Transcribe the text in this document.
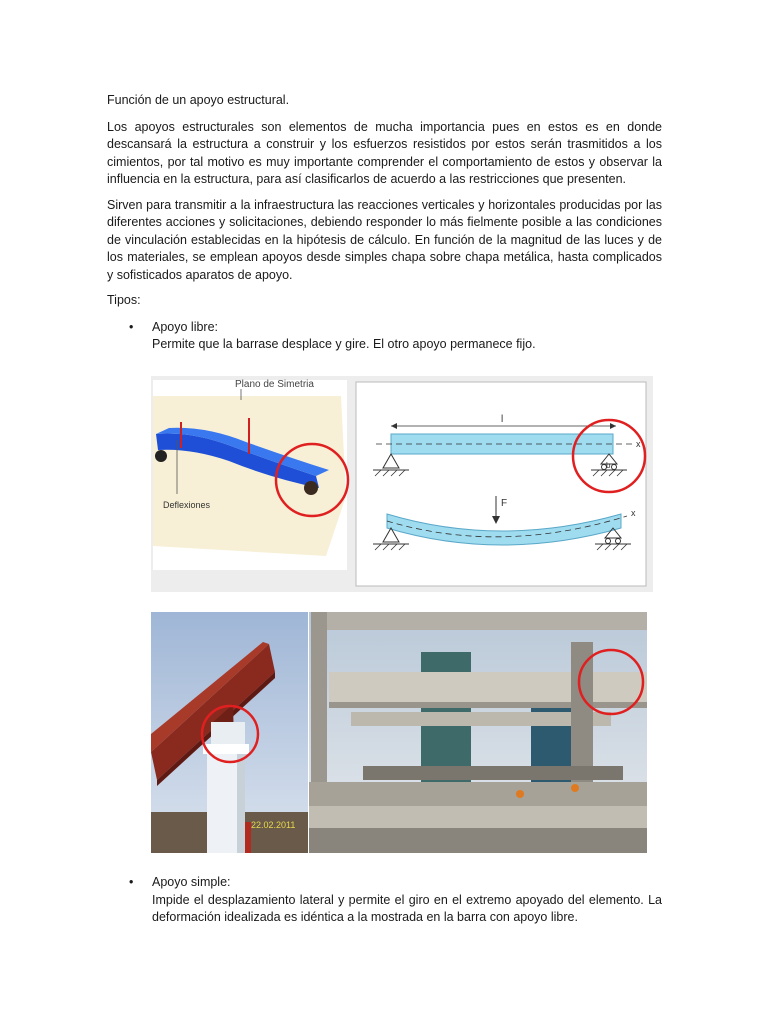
Función de un apoyo estructural.

Los apoyos estructurales son elementos de mucha importancia pues en estos es en donde descansará la estructura a construir y los esfuerzos resistidos por estos serán trasmitidos a los cimientos, por tal motivo es muy importante comprender el comportamiento de estos y observar la influencia en la estructura, para así clasificarlos de acuerdo a las restricciones que presenten.

Sirven para transmitir a la infraestructura las reacciones verticales y horizontales producidas por las diferentes acciones y solicitaciones, debiendo responder lo más fielmente posible a las condiciones de vinculación establecidas en la hipótesis de cálculo. En función de la magnitud de las luces y de los materiales, se emplean apoyos desde simples chapa sobre chapa metálica, hasta complicados y sofisticados aparatos de apoyo.

Tipos:

• Apoyo libre:
Permite que la barrase desplace y gire. El otro apoyo permanece fijo.
Plano de Simetria
Deflexiones
l
x
b
F
x
22.02.2011
• Apoyo simple:
Impide el desplazamiento lateral y permite el giro en el extremo apoyado del elemento. La deformación idealizada es idéntica a la mostrada en la barra con apoyo libre.
